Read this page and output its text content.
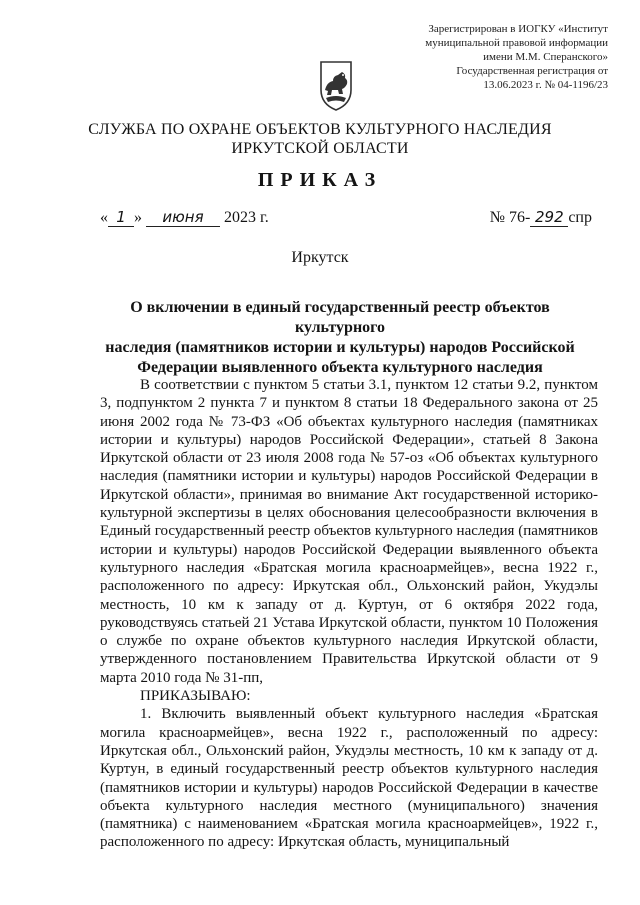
Зарегистрирован в ИОГКУ «Институт
муниципальной правовой информации
имени М.М. Сперанского»
Государственная регистрация от
13.06.2023 г. № 04-1196/23
СЛУЖБА ПО ОХРАНЕ ОБЪЕКТОВ КУЛЬТУРНОГО НАСЛЕДИЯ
ИРКУТСКОЙ ОБЛАСТИ
ПРИКАЗ
« 1 » июня 2023 г.	№ 76- 292 спр
Иркутск
О включении в единый государственный реестр объектов культурного
наследия (памятников истории и культуры) народов Российской
Федерации выявленного объекта культурного наследия

В соответствии с пунктом 5 статьи 3.1, пунктом 12 статьи 9.2, пунктом 3, подпунктом 2 пункта 7 и пунктом 8 статьи 18 Федерального закона от 25 июня 2002 года № 73-ФЗ «Об объектах культурного наследия (памятниках истории и культуры) народов Российской Федерации», статьей 8 Закона Иркутской области от 23 июля 2008 года № 57-оз «Об объектах культурного наследия (памятники истории и культуры) народов Российской Федерации в Иркутской области», принимая во внимание Акт государственной историко-культурной экспертизы в целях обоснования целесообразности включения в Единый государственный реестр объектов культурного наследия (памятников истории и культуры) народов Российской Федерации выявленного объекта культурного наследия «Братская могила красноармейцев», весна 1922 г., расположенного по адресу: Иркутская обл., Ольхонский район, Укудэлы местность, 10 км к западу от д. Куртун, от 6 октября 2022 года, руководствуясь статьей 21 Устава Иркутской области, пунктом 10 Положения о службе по охране объектов культурного наследия Иркутской области, утвержденного постановлением Правительства Иркутской области от 9 марта 2010 года № 31-пп,

ПРИКАЗЫВАЮ:

1. Включить выявленный объект культурного наследия «Братская могила красноармейцев», весна 1922 г., расположенный по адресу: Иркутская обл., Ольхонский район, Укудэлы местность, 10 км к западу от д. Куртун, в единый государственный реестр объектов культурного наследия (памятников истории и культуры) народов Российской Федерации в качестве объекта культурного наследия местного (муниципального) значения (памятника) с наименованием «Братская могила красноармейцев», 1922 г., расположенного по адресу: Иркутская область, муниципальный
